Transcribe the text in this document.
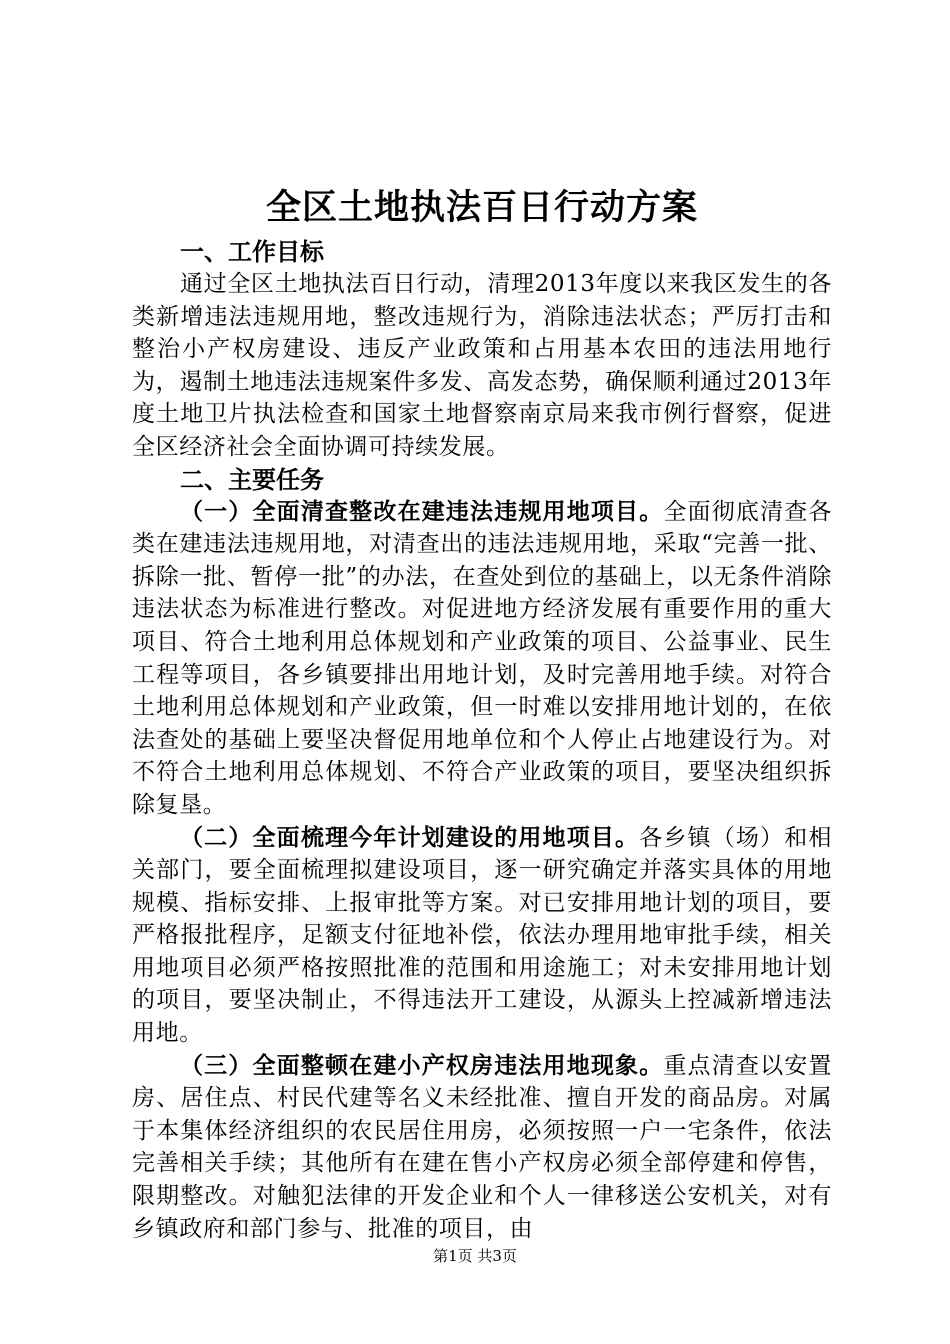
全区土地执法百日行动方案
一、工作目标

通过全区土地执法百日行动，清理2013年度以来我区发生的各类新增违法违规用地，整改违规行为，消除违法状态；严厉打击和整治小产权房建设、违反产业政策和占用基本农田的违法用地行为，遏制土地违法违规案件多发、高发态势，确保顺利通过2013年度土地卫片执法检查和国家土地督察南京局来我市例行督察，促进全区经济社会全面协调可持续发展。

二、主要任务

（一）全面清查整改在建违法违规用地项目。全面彻底清查各类在建违法违规用地，对清查出的违法违规用地，采取“完善一批、拆除一批、暂停一批”的办法，在查处到位的基础上，以无条件消除违法状态为标准进行整改。对促进地方经济发展有重要作用的重大项目、符合土地利用总体规划和产业政策的项目、公益事业、民生工程等项目，各乡镇要排出用地计划，及时完善用地手续。对符合土地利用总体规划和产业政策，但一时难以安排用地计划的，在依法查处的基础上要坚决督促用地单位和个人停止占地建设行为。对不符合土地利用总体规划、不符合产业政策的项目，要坚决组织拆除复垦。

（二）全面梳理今年计划建设的用地项目。各乡镇（场）和相关部门，要全面梳理拟建设项目，逐一研究确定并落实具体的用地规模、指标安排、上报审批等方案。对已安排用地计划的项目，要严格报批程序，足额支付征地补偿，依法办理用地审批手续，相关用地项目必须严格按照批准的范围和用途施工；对未安排用地计划的项目，要坚决制止，不得违法开工建设，从源头上控减新增违法用地。

（三）全面整顿在建小产权房违法用地现象。重点清查以安置房、居住点、村民代建等名义未经批准、擅自开发的商品房。对属于本集体经济组织的农民居住用房，必须按照一户一宅条件，依法完善相关手续；其他所有在建在售小产权房必须全部停建和停售，限期整改。对触犯法律的开发企业和个人一律移送公安机关，对有乡镇政府和部门参与、批准的项目，由

第1页 共3页
